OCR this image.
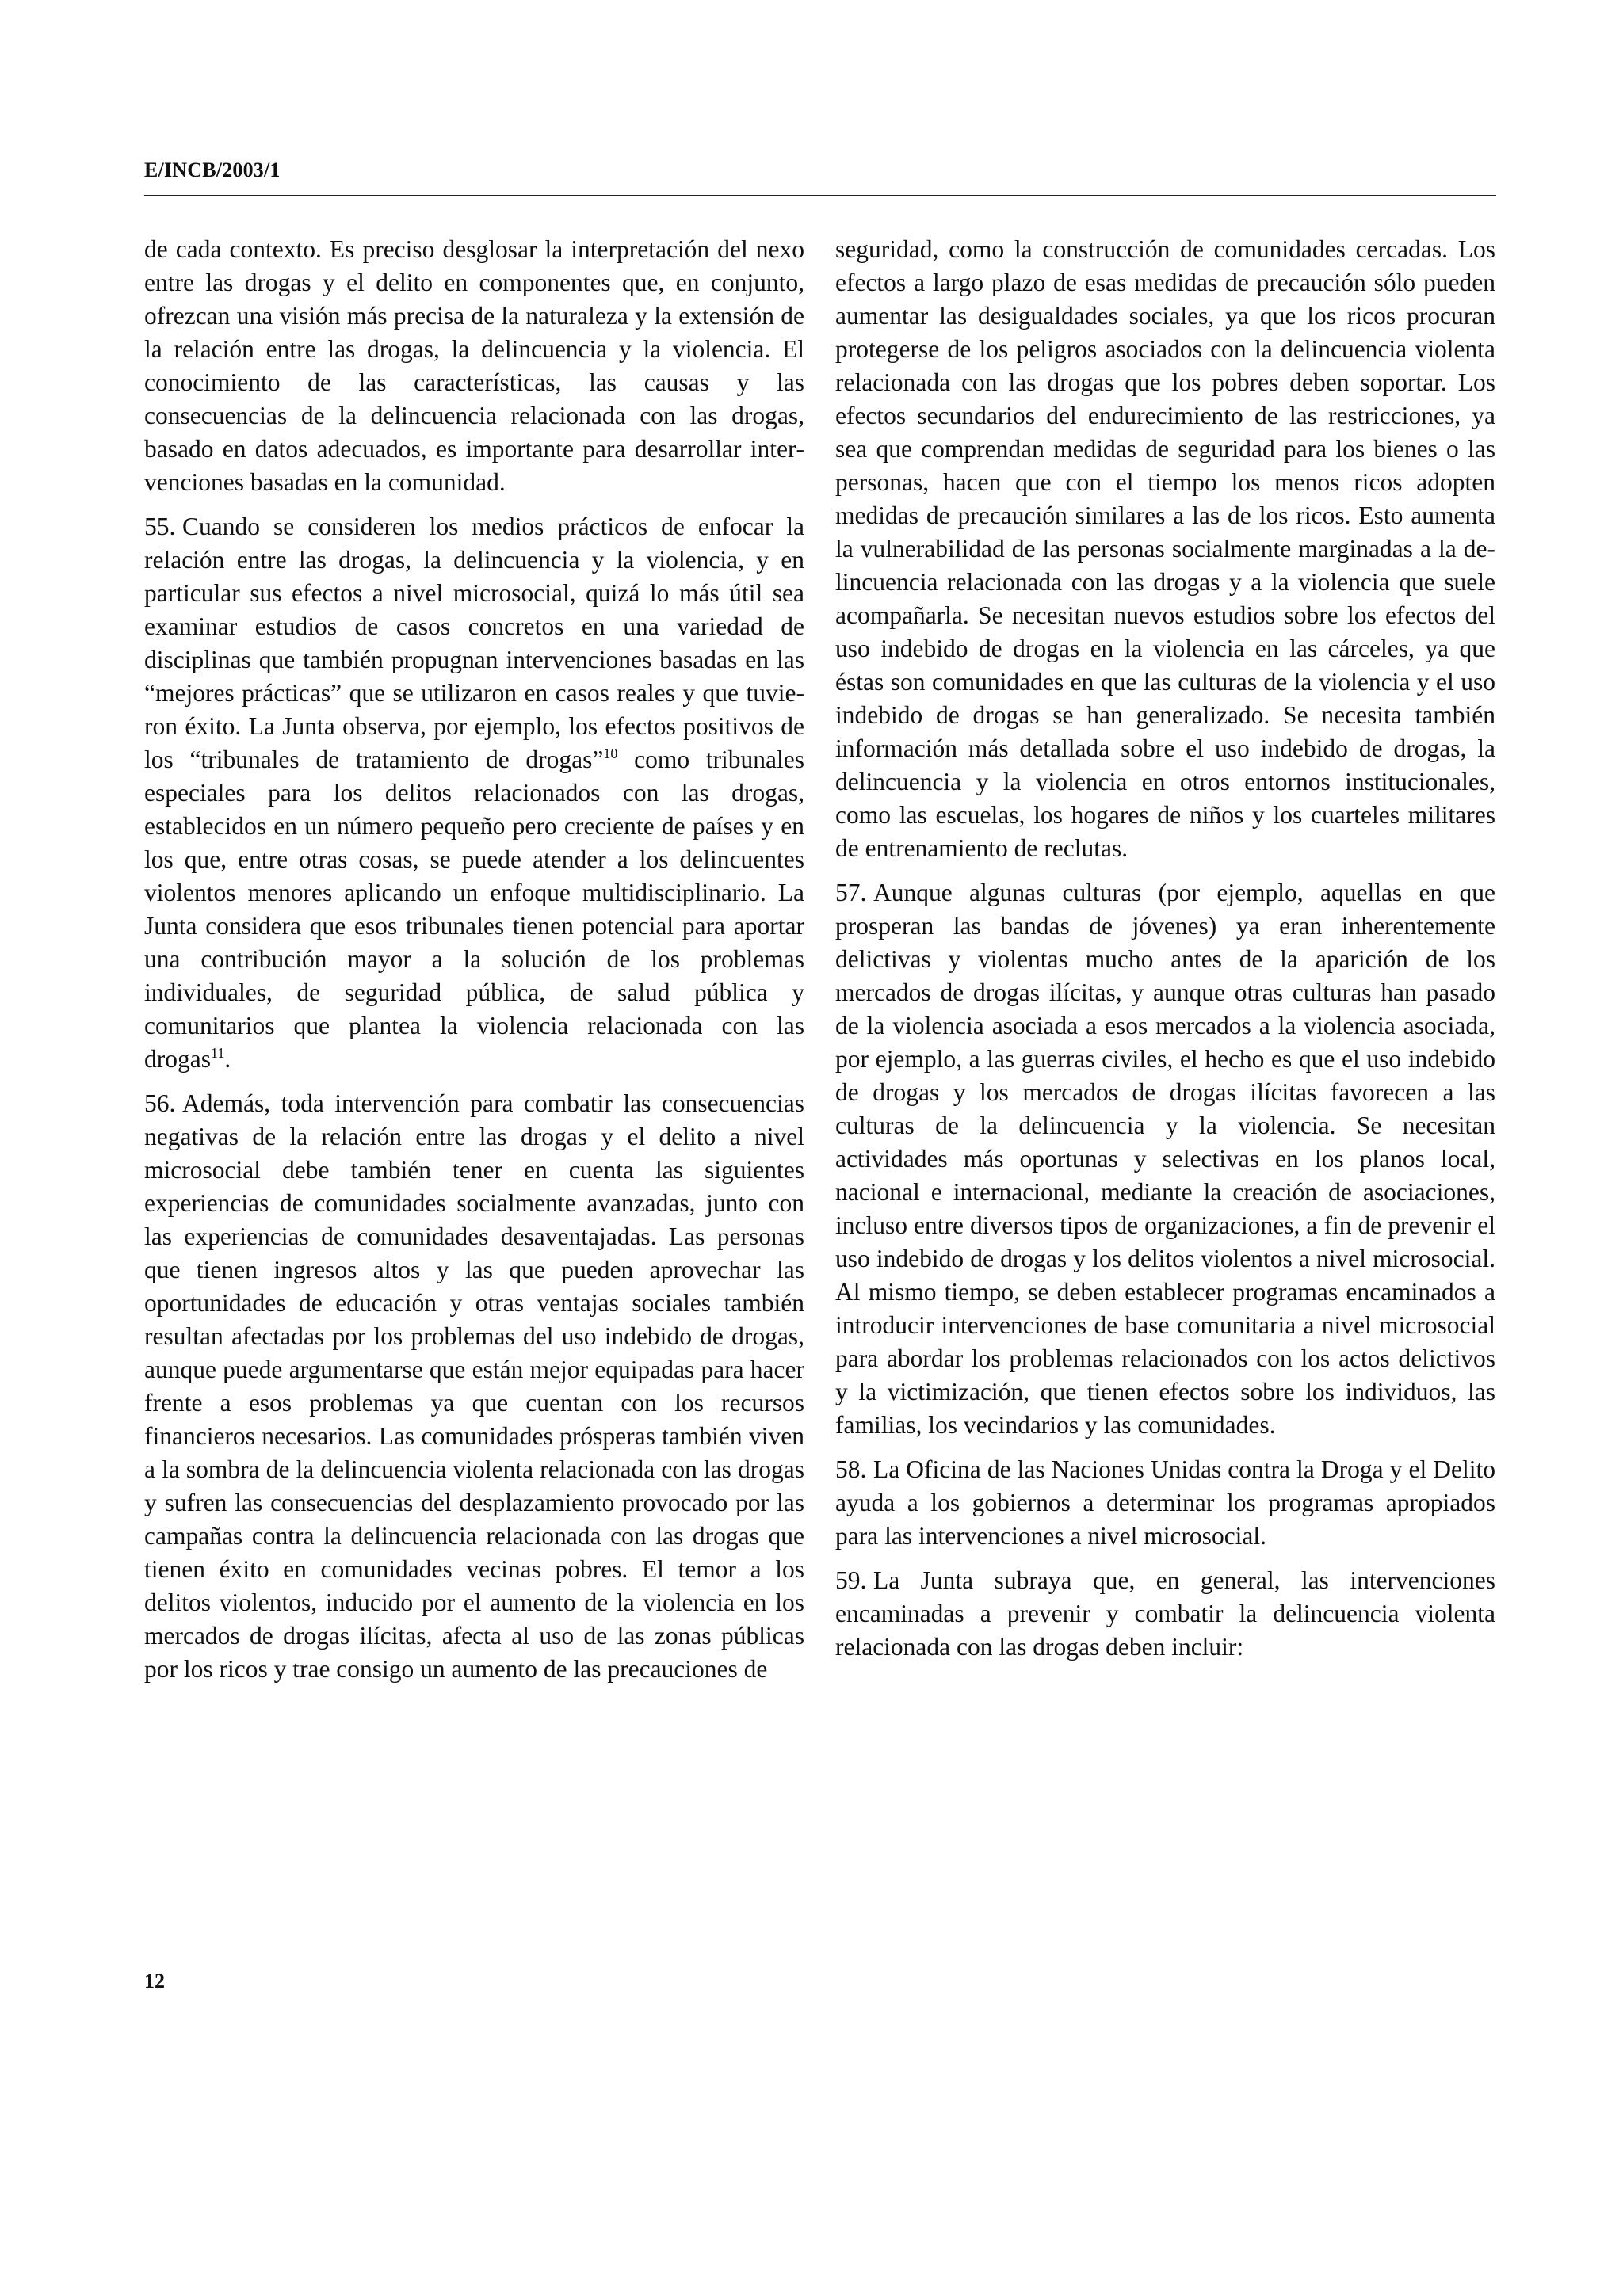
E/INCB/2003/1

de cada contexto. Es preciso desglosar la interpretación del nexo entre las drogas y el delito en componentes que, en conjunto, ofrezcan una visión más precisa de la naturaleza y la extensión de la relación entre las drogas, la delincuencia y la violencia. El conocimiento de las características, las causas y las consecuencias de la delincuencia relacionada con las drogas, basado en datos adecuados, es importante para desarrollar intervenciones basadas en la comunidad.

55. Cuando se consideren los medios prácticos de enfocar la relación entre las drogas, la delincuencia y la violencia, y en particular sus efectos a nivel microsocial, quizá lo más útil sea examinar estudios de casos concretos en una variedad de disciplinas que también propugnan intervenciones basadas en las “mejores prácticas” que se utilizaron en casos reales y que tuvieron éxito. La Junta observa, por ejemplo, los efectos positivos de los “tribunales de tratamiento de drogas”$^{10}$ como tribunales especiales para los delitos relacionados con las drogas, establecidos en un número pequeño pero creciente de países y en los que, entre otras cosas, se puede atender a los delincuentes violentos menores aplicando un enfoque multidisciplinario. La Junta considera que esos tribunales tienen potencial para aportar una contribución mayor a la solución de los problemas individuales, de seguridad pública, de salud pública y comunitarios que plantea la violencia relacionada con las drogas$^{11}$.

56. Además, toda intervención para combatir las consecuencias negativas de la relación entre las drogas y el delito a nivel microsocial debe también tener en cuenta las siguientes experiencias de comunidades socialmente avanzadas, junto con las experiencias de comunidades desaventajadas. Las personas que tienen ingresos altos y las que pueden aprovechar las oportunidades de educación y otras ventajas sociales también resultan afectadas por los problemas del uso indebido de drogas, aunque puede argumentarse que están mejor equipadas para hacer frente a esos problemas ya que cuentan con los recursos financieros necesarios. Las comunidades prósperas también viven a la sombra de la delincuencia violenta relacionada con las drogas y sufren las consecuencias del desplazamiento provocado por las campañas contra la delincuencia relacionada con las drogas que tienen éxito en comunidades vecinas pobres. El temor a los delitos violentos, inducido por el aumento de la violencia en los mercados de drogas ilícitas, afecta al uso de las zonas públicas por los ricos y trae consigo un aumento de las precauciones de

seguridad, como la construcción de comunidades cercadas. Los efectos a largo plazo de esas medidas de precaución sólo pueden aumentar las desigualdades sociales, ya que los ricos procuran protegerse de los peligros asociados con la delincuencia violenta relacionada con las drogas que los pobres deben soportar. Los efectos secundarios del endurecimiento de las restricciones, ya sea que comprendan medidas de seguridad para los bienes o las personas, hacen que con el tiempo los menos ricos adopten medidas de precaución similares a las de los ricos. Esto aumenta la vulnerabilidad de las personas socialmente marginadas a la delincuencia relacionada con las drogas y a la violencia que suele acompañarla. Se necesitan nuevos estudios sobre los efectos del uso indebido de drogas en la violencia en las cárceles, ya que éstas son comunidades en que las culturas de la violencia y el uso indebido de drogas se han generalizado. Se necesita también información más detallada sobre el uso indebido de drogas, la delincuencia y la violencia en otros entornos institucionales, como las escuelas, los hogares de niños y los cuarteles militares de entrenamiento de reclutas.

57. Aunque algunas culturas (por ejemplo, aquellas en que prosperan las bandas de jóvenes) ya eran inherentemente delictivas y violentas mucho antes de la aparición de los mercados de drogas ilícitas, y aunque otras culturas han pasado de la violencia asociada a esos mercados a la violencia asociada, por ejemplo, a las guerras civiles, el hecho es que el uso indebido de drogas y los mercados de drogas ilícitas favorecen a las culturas de la delincuencia y la violencia. Se necesitan actividades más oportunas y selectivas en los planos local, nacional e internacional, mediante la creación de asociaciones, incluso entre diversos tipos de organizaciones, a fin de prevenir el uso indebido de drogas y los delitos violentos a nivel microsocial. Al mismo tiempo, se deben establecer programas encaminados a introducir intervenciones de base comunitaria a nivel microsocial para abordar los problemas relacionados con los actos delictivos y la victimización, que tienen efectos sobre los individuos, las familias, los vecindarios y las comunidades.

58. La Oficina de las Naciones Unidas contra la Droga y el Delito ayuda a los gobiernos a determinar los programas apropiados para las intervenciones a nivel microsocial.

59. La Junta subraya que, en general, las intervenciones encaminadas a prevenir y combatir la delincuencia violenta relacionada con las drogas deben incluir:

12
